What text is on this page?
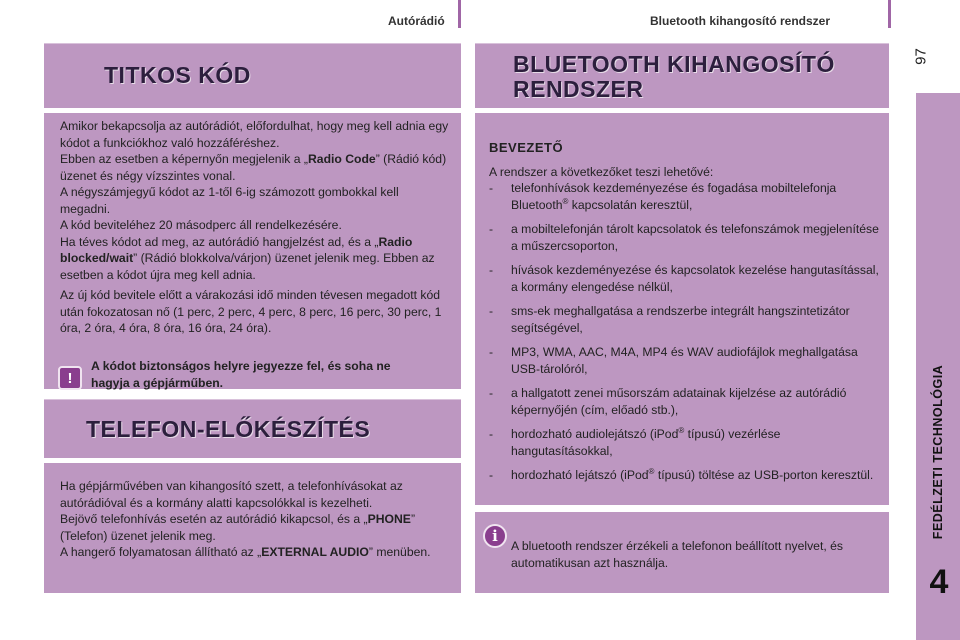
Autórádió	Bluetooth kihangosító rendszer
97
FEDÉLZETI TECHNOLÓGIA
4
TITKOS KÓD

Amikor bekapcsolja az autórádiót, előfordulhat, hogy meg kell adnia egy kódot a funkciókhoz való hozzáféréshez.
Ebben az esetben a képernyőn megjelenik a „Radio Code” (Rádió kód) üzenet és négy vízszintes vonal.
A négyszámjegyű kódot az 1-től 6-ig számozott gombokkal kell megadni.
A kód beviteléhez 20 másodperc áll rendelkezésére.
Ha téves kódot ad meg, az autórádió hangjelzést ad, és a „Radio blocked/wait” (Rádió blokkolva/várjon) üzenet jelenik meg. Ebben az esetben a kódot újra meg kell adnia.

Az új kód bevitele előtt a várakozási idő minden tévesen megadott kód után fokozatosan nő (1 perc, 2 perc, 4 perc, 8 perc, 16 perc, 30 perc, 1 óra, 2 óra, 4 óra, 8 óra, 16 óra, 24 óra).

!
A kódot biztonságos helyre jegyezze fel, és soha ne hagyja a gépjárműben.
TELEFON-ELŐKÉSZÍTÉS
Ha gépjárművében van kihangosító szett, a telefonhívásokat az autórádióval és a kormány alatti kapcsolókkal is kezelheti.
Bejövő telefonhívás esetén az autórádió kikapcsol, és a „PHONE” (Telefon) üzenet jelenik meg.
A hangerő folyamatosan állítható az „EXTERNAL AUDIO” menüben.
BLUETOOTH KIHANGOSÍTÓ
RENDSZER
BEVEZETŐ
A rendszer a következőket teszi lehetővé:
- telefonhívások kezdeményezése és fogadása mobiltelefonja Bluetooth® kapcsolatán keresztül,
- a mobiltelefonján tárolt kapcsolatok és telefonszámok megjelenítése a műszercsoporton,
- hívások kezdeményezése és kapcsolatok kezelése hangutasítással, a kormány elengedése nélkül,
- sms-ek meghallgatása a rendszerbe integrált hangszintetizátor segítségével,
- MP3, WMA, AAC, M4A, MP4 és WAV audiofájlok meghallgatása USB-tárolóról,
- a hallgatott zenei műsorszám adatainak kijelzése az autórádió képernyőjén (cím, előadó stb.),
- hordozható audiolejátszó (iPod® típusú) vezérlése hangutasításokkal,
- hordozható lejátszó (iPod® típusú) töltése az USB-porton keresztül.
i
A bluetooth rendszer érzékeli a telefonon beállított nyelvet, és automatikusan azt használja.
